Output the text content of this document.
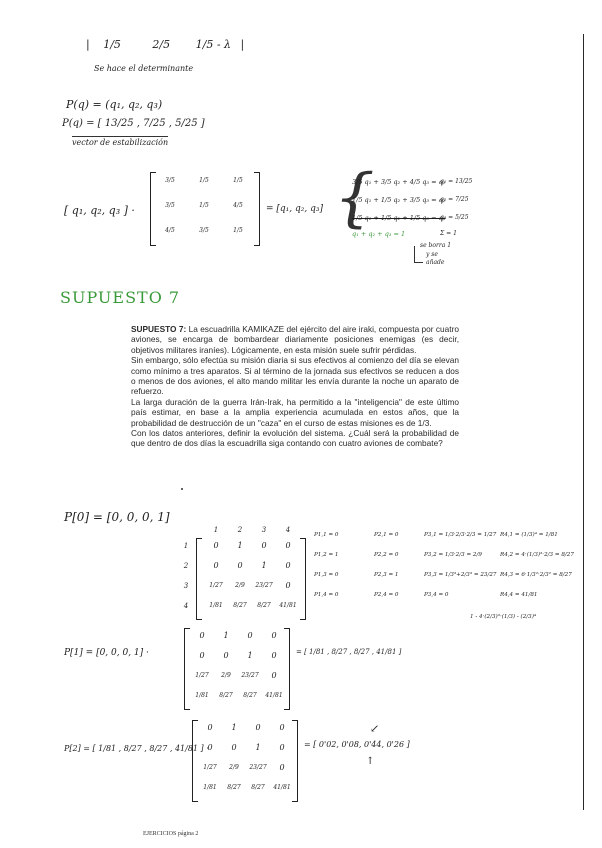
| 1/5	2/5 1/5 - λ |
Se hace el determinante
P(q) = (q₁, q₂, q₃)
P(q) = [ 13/25 , 7/25 , 5/25 ]
vector de estabilización
[ q₁, q₂, q₃ ] ·
3/5	1/5	1/5
3/5	1/5	4/5
4/5	3/5	1/5
= [q₁, q₂, q₃] {
3/5 q₁ + 3/5 q₂ + 4/5 q₃ = q₁
1/5 q₁ + 1/5 q₂ + 3/5 q₃ = q₂
1/5 q₁ + 1/5 q₂ + 1/5 q₃ = q₃
q₁ + q₂ + q₃ = 1
q₁ = 13/25
q₂ = 7/25
q₃ = 5/25
Σ = 1
se borra 1
y se
añade
SUPUESTO 7

SUPUESTO 7: La escuadrilla KAMIKAZE del ejército del aire iraki, compuesta por cuatro aviones, se encarga de bombardear diariamente posiciones enemigas (es decir, objetivos militares iraníes). Lógicamente, en esta misión suele sufrir pérdidas.

Sin embargo, sólo efectúa su misión diaria si sus efectivos al comienzo del día se elevan como mínimo a tres aparatos. Si al término de la jornada sus efectivos se reducen a dos o menos de dos aviones, el alto mando militar les envía durante la noche un aparato de refuerzo.

La larga duración de la guerra Irán-Irak, ha permitido a la "inteligencia" de este último país estimar, en base a la amplia experiencia acumulada en estos años, que la probabilidad de destrucción de un "caza" en el curso de estas misiones es de 1/3.

Con los datos anteriores, definir la evolución del sistema. ¿Cuál será la probabilidad de que dentro de dos días la escuadrilla siga contando con cuatro aviones de combate?

P[0] = [0, 0, 0, 1]
1	2	3	4
1
2
3
4
0	1	0	0
0	0	1	0
1/27	2/9	23/27	0
1/81	8/27	8/27	41/81
P1,1 = 0	P2,1 = 0	P3,1 = 1/3·2/3·2/3 = 1/27 R4,1 = (1/3)⁴ = 1/81
P1,2 = 1	P2,2 = 0	P3,2 = 1/3·2/3 = 2/9	R4,2 = 4·(1/3)³·2/3 = 8/27
P1,3 = 0	P2,3 = 1	P3,3 = 1/3³+2/3³ = 23/27 R4,3 = 6·1/3²·2/3² = 8/27
P1,4 = 0	P2,4 = 0	P3,4 = 0	R4,4 = 41/81
1 - 4·(2/3)³·(1/3) - (2/3)⁴
P[1] = [0, 0, 0, 1] ·
0	1	0	0
0	0	1	0
1/27	2/9	23/27	0
1/81	8/27	8/27	41/81
= [ 1/81 , 8/27 , 8/27 , 41/81 ]
P[2] = [ 1/81 , 8/27 , 8/27 , 41/81 ] ·
0	1	0	0
0	0	1	0
1/27	2/9	23/27	0
1/81	8/27	8/27	41/81
= [ 0'02, 0'08, 0'44, 0'26 ]
↙
↑
EJERCICIOS página 2
